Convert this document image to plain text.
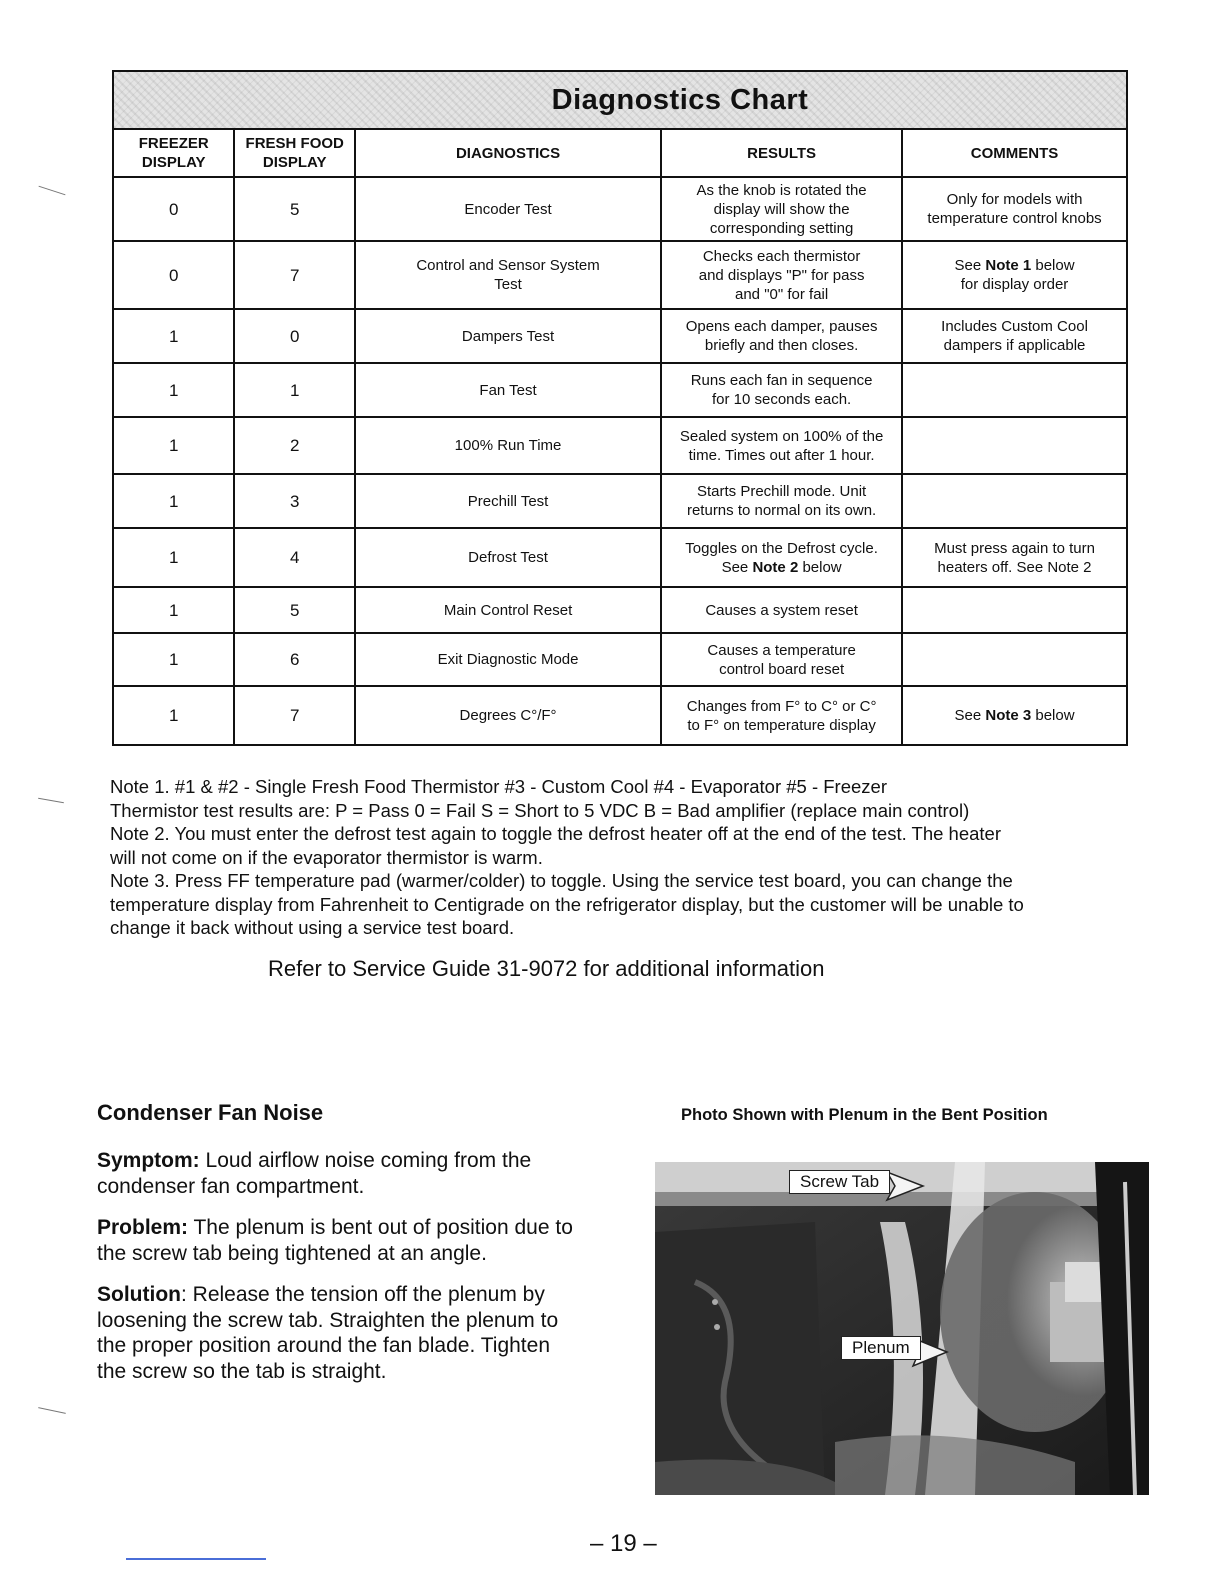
Diagnostics Chart
FREEZER
DISPLAY	FRESH FOOD
DISPLAY	DIAGNOSTICS	RESULTS	COMMENTS
0	5	Encoder Test	As the knob is rotated the
display will show the
corresponding setting	Only for models with
temperature control knobs

0	7	Control and Sensor System
Test	Checks each thermistor
and displays "P" for pass
and "0" for fail	See Note 1 below
for display order

1	0	Dampers Test	Opens each damper, pauses
briefly and then closes.	Includes Custom Cool
dampers if applicable

1	1	Fan Test	Runs each fan in sequence
for 10 seconds each.	

1	2	100% Run Time	Sealed system on 100% of the
time. Times out after 1 hour.	

1	3	Prechill Test	Starts Prechill mode. Unit
returns to normal on its own.	

1	4	Defrost Test	Toggles on the Defrost cycle.
See Note 2 below	Must press again to turn
heaters off. See Note 2

1	5	Main Control Reset	Causes a system reset	

1	6	Exit Diagnostic Mode	Causes a temperature
control board reset	

1	7	Degrees C°/F°	Changes from F° to C° or C°
to F° on temperature display	See Note 3 below
Note 1. #1 & #2 - Single Fresh Food Thermistor #3 - Custom Cool #4 - Evaporator #5 - Freezer
Thermistor test results are: P = Pass 0 = Fail S = Short to 5 VDC B = Bad amplifier (replace main control)
Note 2. You must enter the defrost test again to toggle the defrost heater off at the end of the test. The heater
will not come on if the evaporator thermistor is warm.
Note 3. Press FF temperature pad (warmer/colder) to toggle. Using the service test board, you can change the
temperature display from Fahrenheit to Centigrade on the refrigerator display, but the customer will be unable to
change it back without using a service test board.
Refer to Service Guide 31-9072 for additional information
Condenser Fan Noise
Symptom: Loud airflow noise coming from the
condenser fan compartment.
Problem: The plenum is bent out of position due to
the screw tab being tightened at an angle.
Solution: Release the tension off the plenum by
loosening the screw tab. Straighten the plenum to
the proper position around the fan blade. Tighten
the screw so the tab is straight.
Photo Shown with Plenum in the Bent Position
Screw Tab
Plenum
– 19 –
